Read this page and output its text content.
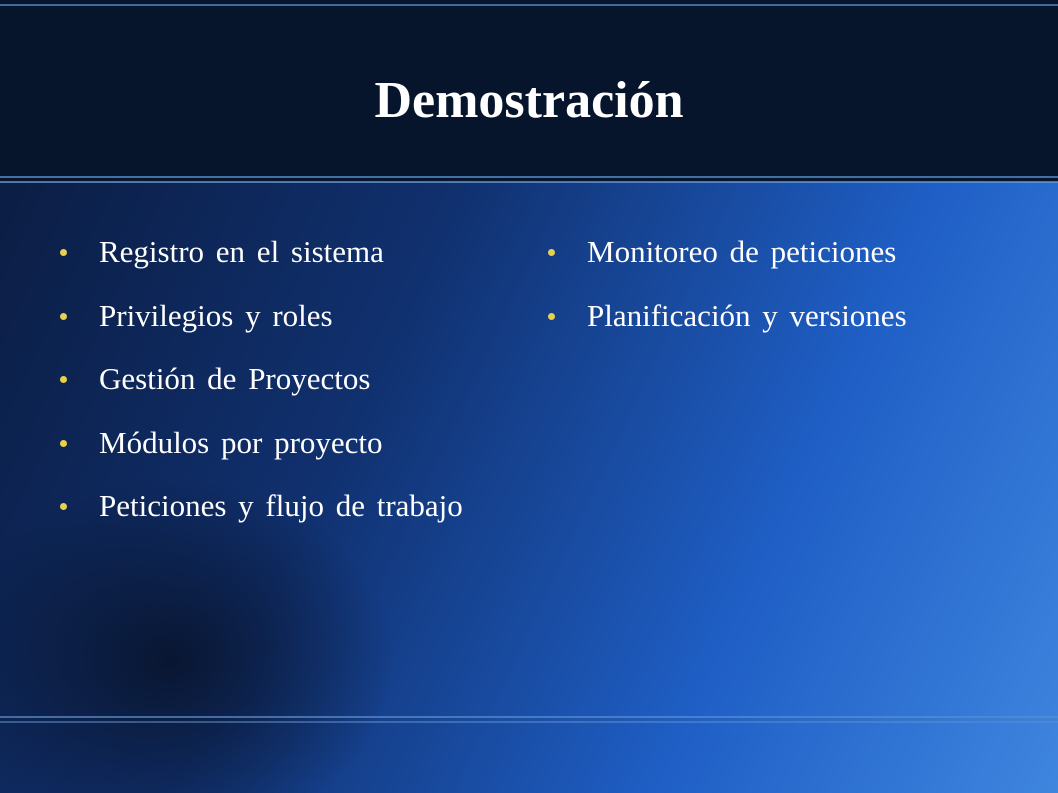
Demostración
Registro en el sistema
Privilegios y roles
Gestión de Proyectos
Módulos por proyecto
Peticiones y flujo de trabajo
Monitoreo de peticiones
Planificación y versiones
